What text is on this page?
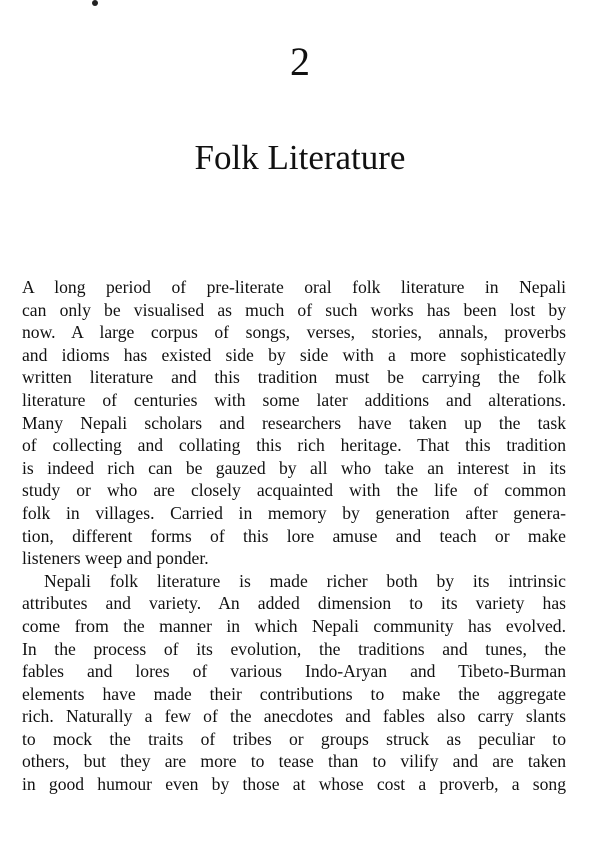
2
Folk Literature
A long period of pre-literate oral folk literature in Nepali
can only be visualised as much of such works has been lost by
now. A large corpus of songs, verses, stories, annals, proverbs
and idioms has existed side by side with a more sophisticatedly
written literature and this tradition must be carrying the folk
literature of centuries with some later additions and alterations.
Many Nepali scholars and researchers have taken up the task
of collecting and collating this rich heritage. That this tradition
is indeed rich can be gauzed by all who take an interest in its
study or who are closely acquainted with the life of common
folk in villages. Carried in memory by generation after genera-
tion, different forms of this lore amuse and teach or make
listeners weep and ponder.
Nepali folk literature is made richer both by its intrinsic
attributes and variety. An added dimension to its variety has
come from the manner in which Nepali community has evolved.
In the process of its evolution, the traditions and tunes, the
fables and lores of various Indo-Aryan and Tibeto-Burman
elements have made their contributions to make the aggregate
rich. Naturally a few of the anecdotes and fables also carry slants
to mock the traits of tribes or groups struck as peculiar to
others, but they are more to tease than to vilify and are taken
in good humour even by those at whose cost a proverb, a song
